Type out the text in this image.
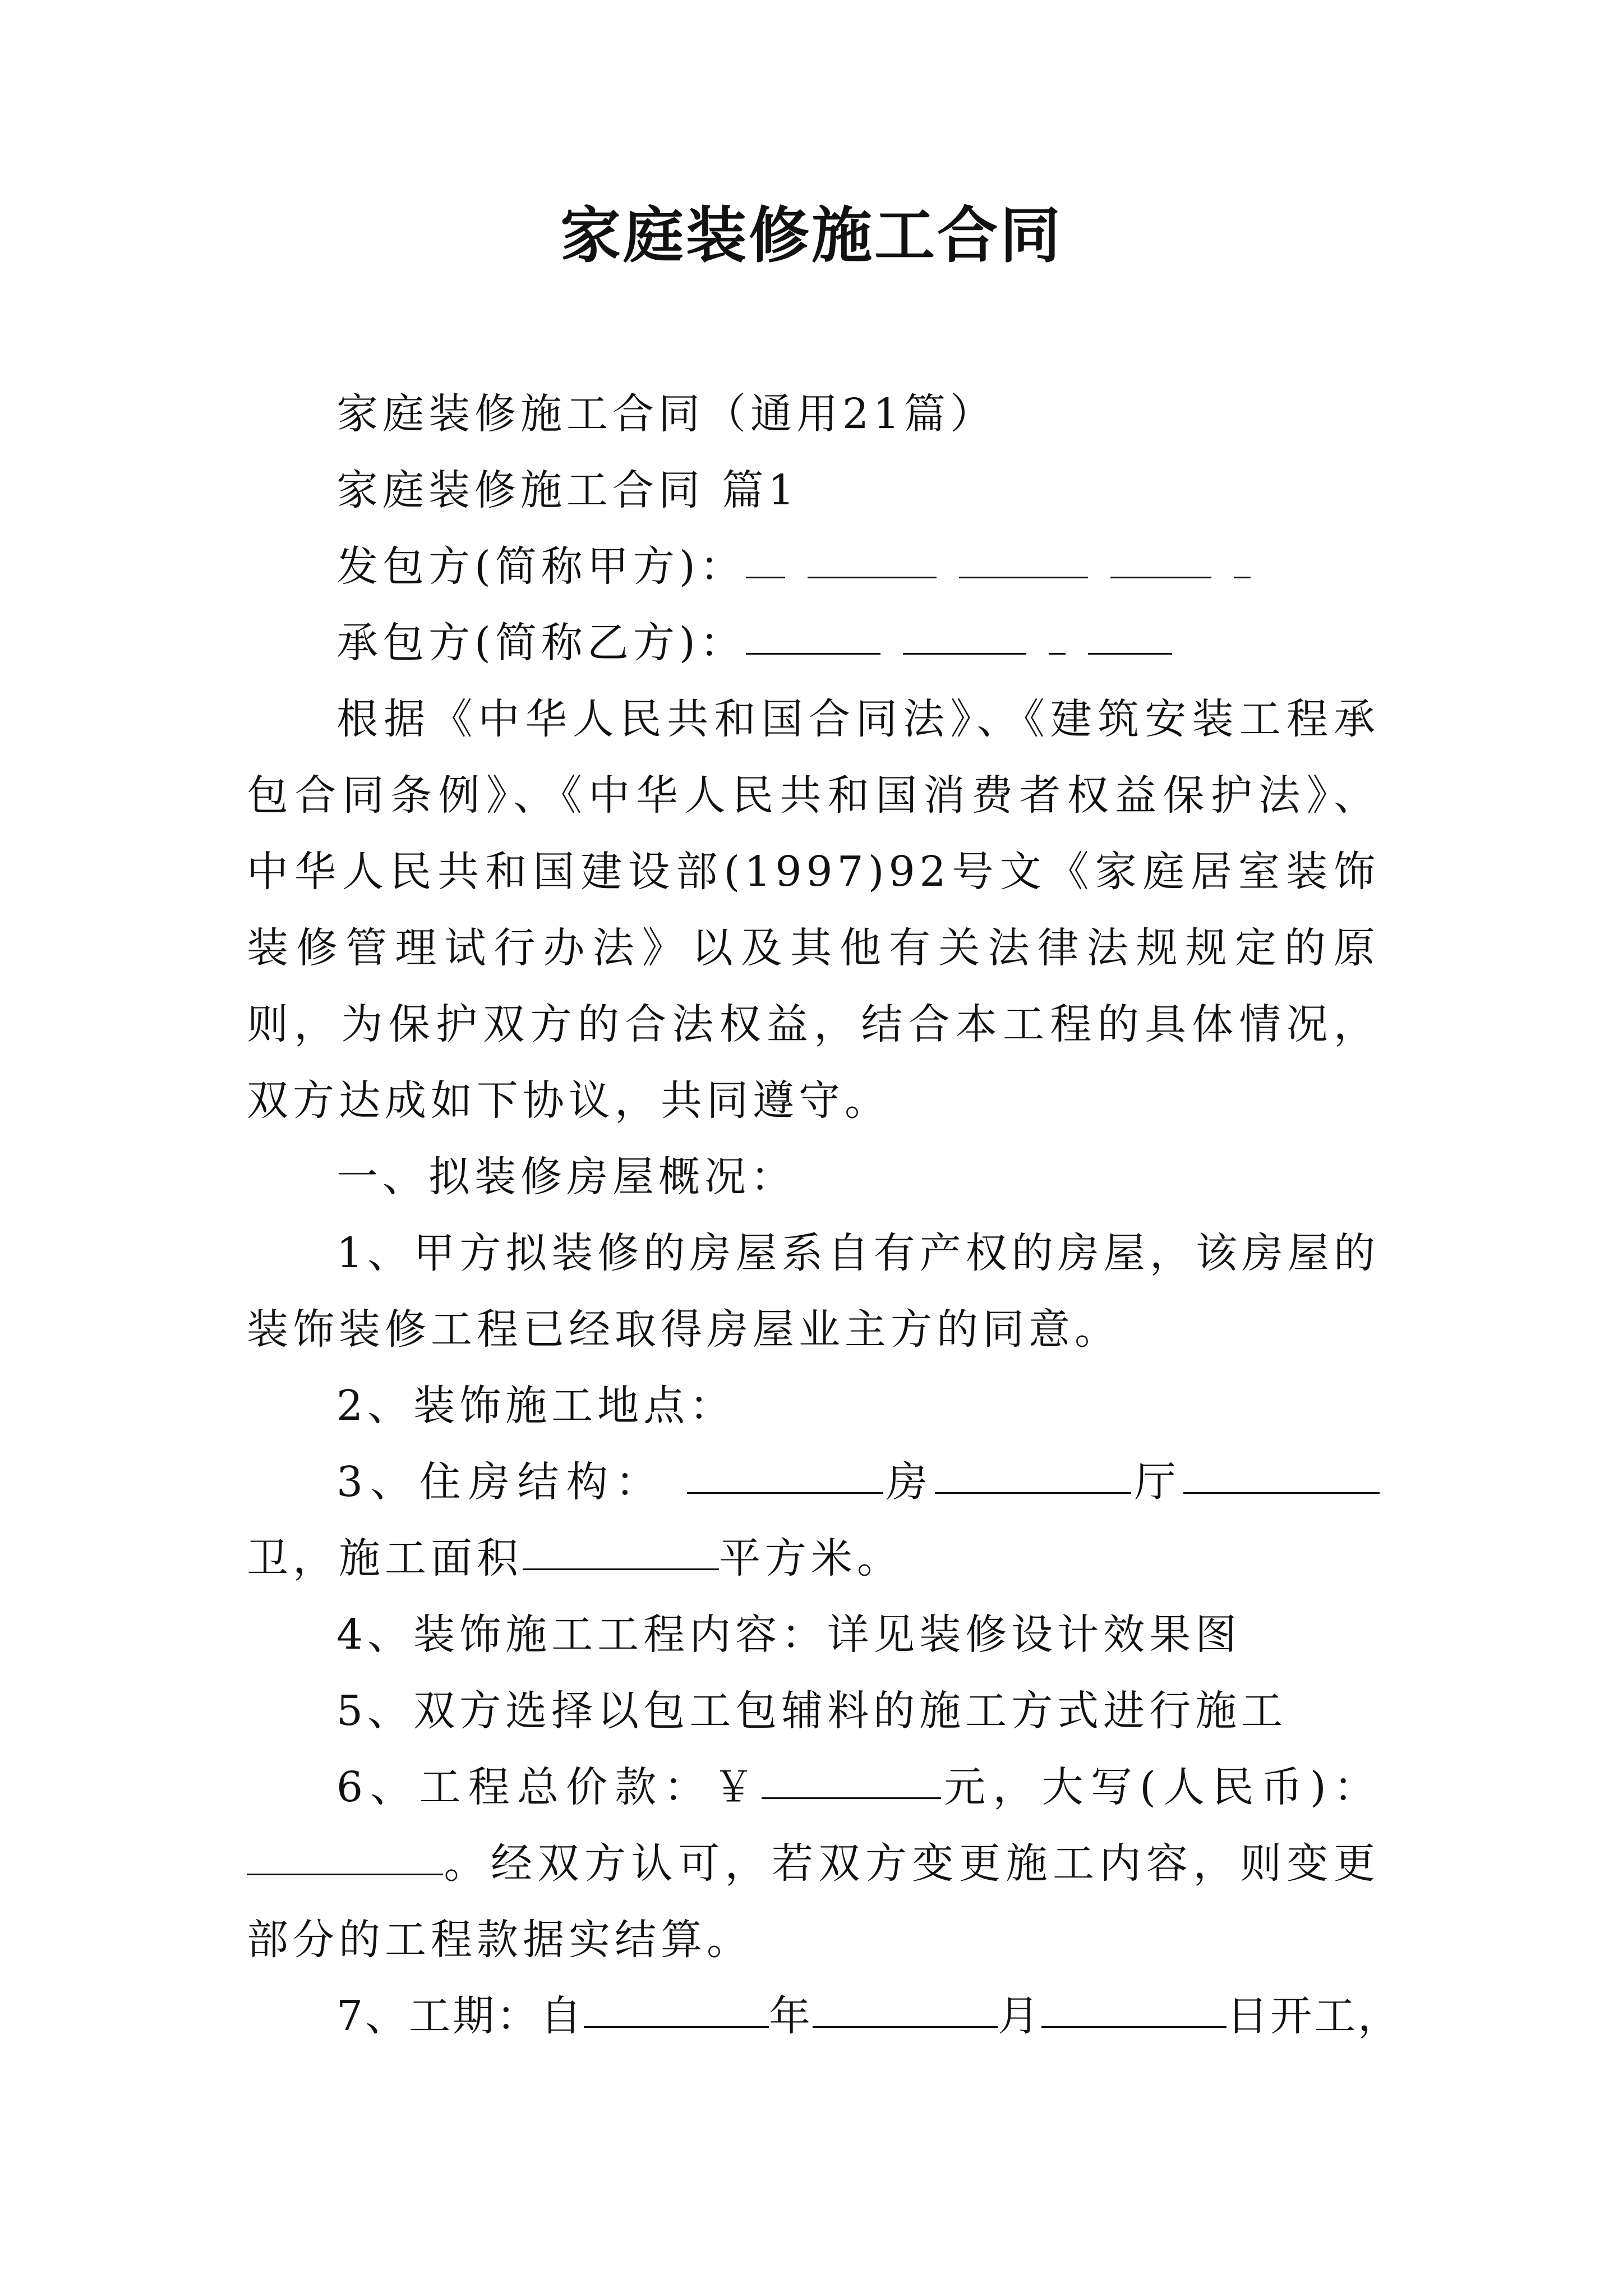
家庭装修施工合同

家庭装修施工合同（通用21篇）

家庭装修施工合同 篇1

发包方(简称甲方)：

承包方(简称乙方)：

根据《中华人民共和国合同法》、《建筑安装工程承包合同条例》、《中华人民共和国消费者权益保护法》、中华人民共和国建设部(1997)92号文《家庭居室装饰装修管理试行办法》以及其他有关法律法规规定的原则，为保护双方的合法权益，结合本工程的具体情况，双方达成如下协议，共同遵守。

一、拟装修房屋概况：

1、甲方拟装修的房屋系自有产权的房屋，该房屋的装饰装修工程已经取得房屋业主方的同意。

2、装饰施工地点：

3、住房结构：	房	厅卫，施工面积	平方米。

4、装饰施工工程内容：详见装修设计效果图

5、双方选择以包工包辅料的施工方式进行施工

6、工程总价款：￥	元，大写(人民币)：。经双方认可，若双方变更施工内容，则变更部分的工程款据实结算。

7、工期：自	年	月	日开工，
